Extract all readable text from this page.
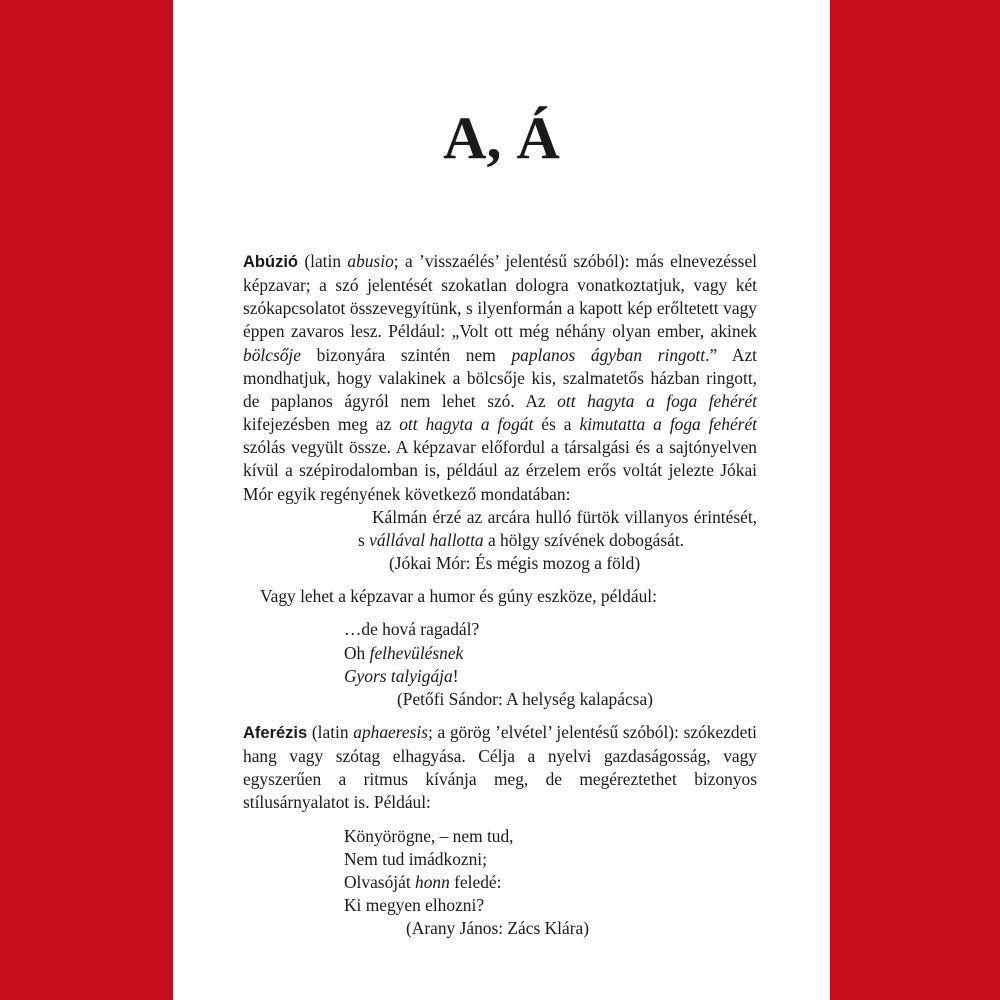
A, Á

Abúzió (latin abusio; a ’visszaélés’ jelentésű szóból): más elnevezéssel képzavar; a szó jelentését szokatlan dologra vonatkoztatjuk, vagy két szókapcsolatot összevegyítünk, s ilyenformán a kapott kép erőltetett vagy éppen zavaros lesz. Például: „Volt ott még néhány olyan ember, akinek bölcsője bizonyára szintén nem paplanos ágyban ringott.” Azt mondhatjuk, hogy valakinek a bölcsője kis, szalmatetős házban ringott, de paplanos ágyról nem lehet szó. Az ott hagyta a foga fehérét kifejezésben meg az ott hagyta a fogát és a kimutatta a foga fehérét szólás vegyült össze. A képzavar előfordul a társalgási és a sajtónyelven kívül a szépirodalomban is, például az érzelem erős voltát jelezte Jókai Mór egyik regényének következő mondatában:

Kálmán érzé az arcára hulló fürtök villanyos érintését, s vállával hallotta a hölgy szívének dobogását.

(Jókai Mór: És mégis mozog a föld)

Vagy lehet a képzavar a humor és gúny eszköze, például:

…de hová ragadál?
Oh felhevülésnek
Gyors talyigája!

(Petőfi Sándor: A helység kalapácsa)

Aferézis (latin aphaeresis; a görög ’elvétel’ jelentésű szóból): szókezdeti hang vagy szótag elhagyása. Célja a nyelvi gazdaságosság, vagy egyszerűen a ritmus kívánja meg, de megéreztethet bizonyos stílusárnyalatot is. Például:

Könyörögne, – nem tud,
Nem tud imádkozni;
Olvasóját honn feledé:
Ki megyen elhozni?

(Arany János: Zács Klára)
